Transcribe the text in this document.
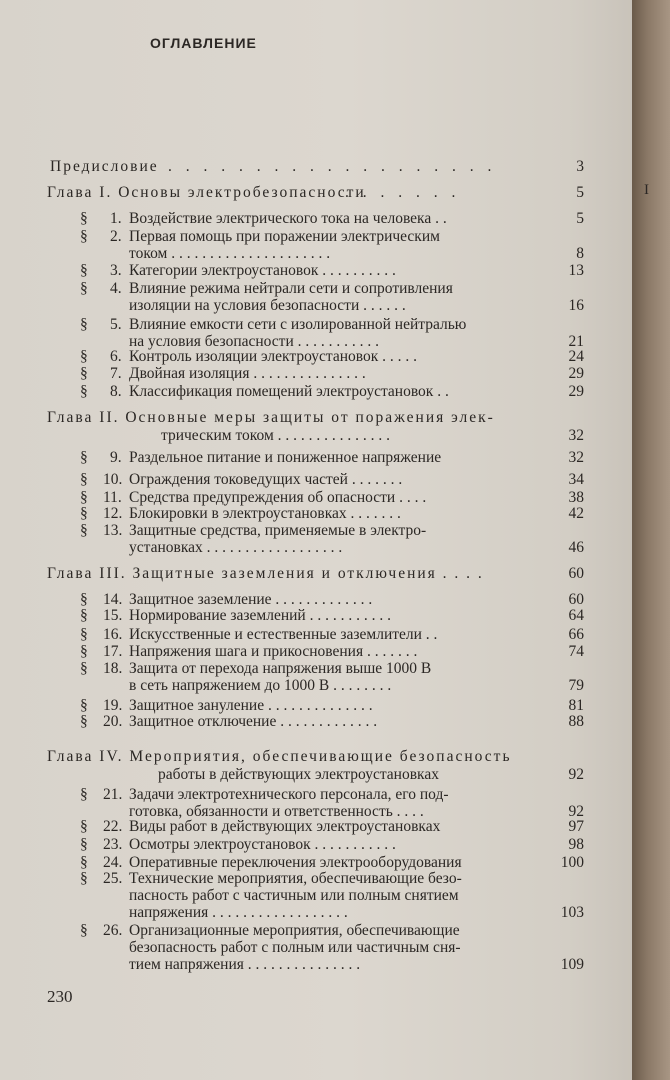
ОГЛАВЛЕНИЕ
Предисловие . . . . . . . . . . . . . . . . . . .	3
Глава I. Основы электробезопасности
. . . . . . .	5
§ 1. Воздействие электрического тока на человека . .	5
§ 2. Первая помощь при поражении электрическим
током . . . . . . . . . . . . . . . . . . . . .	8
§ 3. Категории электроустановок . . . . . . . . . .	13
§ 4. Влияние режима нейтрали сети и сопротивления
изоляции на условия безопасности . . . . . .	16
§ 5. Влияние емкости сети с изолированной нейтралью
на условия безопасности . . . . . . . . . . .	21
§ 6. Контроль изоляции электроустановок . . . . .	24
§ 7. Двойная изоляция . . . . . . . . . . . . . . .	29
§ 8. Классификация помещений электроустановок . .	29
Глава II. Основные меры защиты от поражения элек-
трическим током . . . . . . . . . . . . . . .	32
§ 9. Раздельное питание и пониженное напряжение	32
§ 10. Ограждения токоведущих частей . . . . . . .	34
§ 11. Средства предупреждения об опасности . . . .	38
§ 12. Блокировки в электроустановках . . . . . . .	42
§ 13. Защитные средства, применяемые в электро-
установках . . . . . . . . . . . . . . . . . .	46
Глава III. Защитные заземления и отключения . . . .	60
§ 14. Защитное заземление . . . . . . . . . . . . .	60
§ 15. Нормирование заземлений . . . . . . . . . . .	64
§ 16. Искусственные и естественные заземлители . .	66
§ 17. Напряжения шага и прикосновения . . . . . . .	74
§ 18. Защита от перехода напряжения выше 1000 В
в сеть напряжением до 1000 В . . . . . . . .	79
§ 19. Защитное зануление . . . . . . . . . . . . . .	81
§ 20. Защитное отключение . . . . . . . . . . . . .	88
Глава IV. Мероприятия, обеспечивающие безопасность
работы в действующих электроустановках	92
§ 21. Задачи электротехнического персонала, его под-
готовка, обязанности и ответственность . . . .	92
§ 22. Виды работ в действующих электроустановках	97
§ 23. Осмотры электроустановок . . . . . . . . . . .	98
§ 24. Оперативные переключения электрооборудования	100
§ 25. Технические мероприятия, обеспечивающие безо-
пасность работ с частичным или полным снятием
напряжения . . . . . . . . . . . . . . . . . .	103
§ 26. Организационные мероприятия, обеспечивающие
безопасность работ с полным или частичным сня-
тием напряжения . . . . . . . . . . . . . . .	109
230
I
